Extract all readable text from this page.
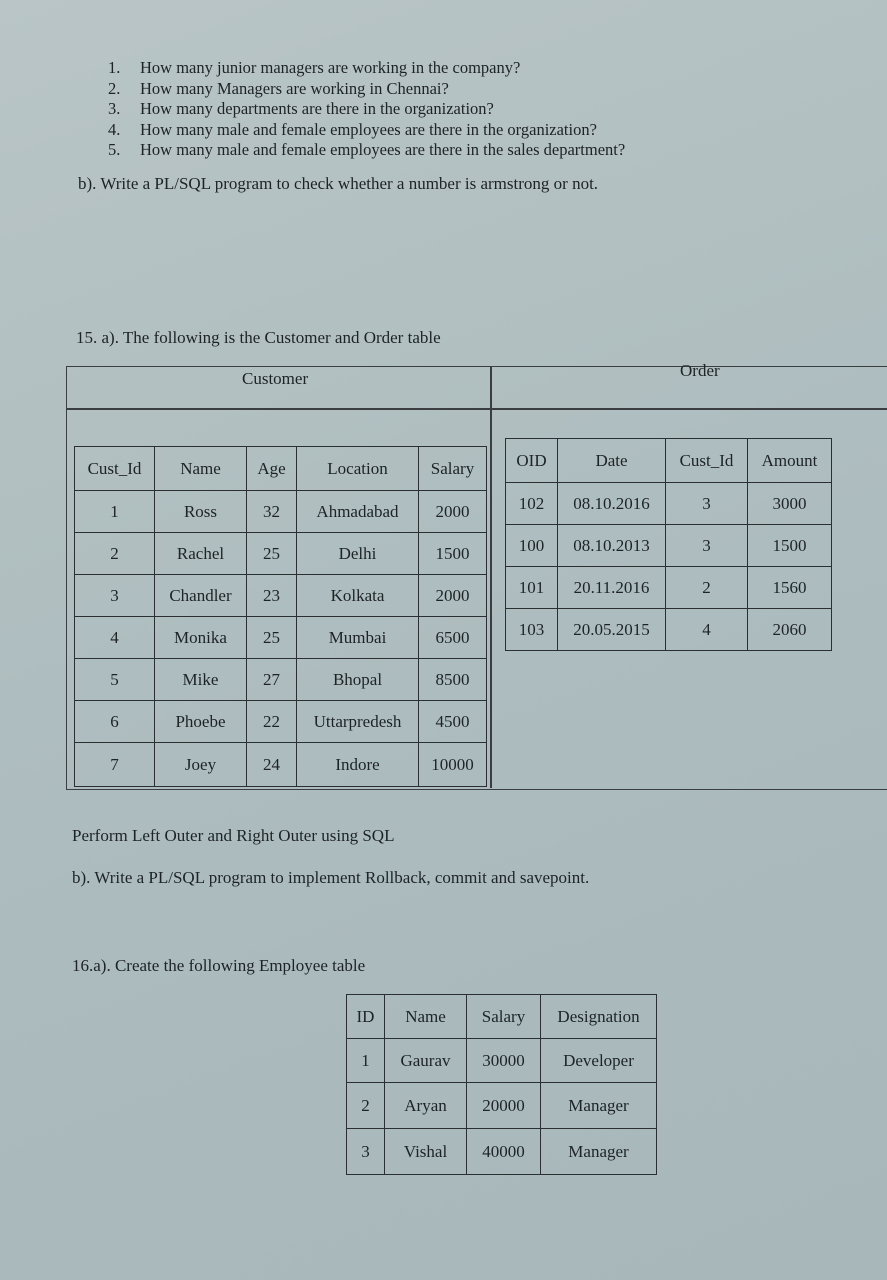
1.	How many junior managers are working in the company?
2.	How many Managers are working in Chennai?
3.	How many departments are there in the organization?
4.	How many male and female employees are there in the organization?
5.	How many male and female employees are there in the sales department?
b). Write a PL/SQL program to check whether a number is armstrong or not.
15. a). The following is the Customer and Order table
Customer	Order
Cust_Id	Name	Age	Location	Salary
1	Ross	32	Ahmadabad	2000
2	Rachel	25	Delhi	1500
3	Chandler	23	Kolkata	2000
4	Monika	25	Mumbai	6500
5	Mike	27	Bhopal	8500
6	Phoebe	22	Uttarpredesh	4500
7	Joey	24	Indore	10000
OID	Date	Cust_Id	Amount
102	08.10.2016	3	3000
100	08.10.2013	3	1500
101	20.11.2016	2	1560
103	20.05.2015	4	2060
Perform Left Outer and Right Outer using SQL
b). Write a PL/SQL program to implement Rollback, commit and savepoint.
16.a). Create the following Employee table
ID	Name	Salary	Designation
1	Gaurav	30000	Developer
2	Aryan	20000	Manager
3	Vishal	40000	Manager
